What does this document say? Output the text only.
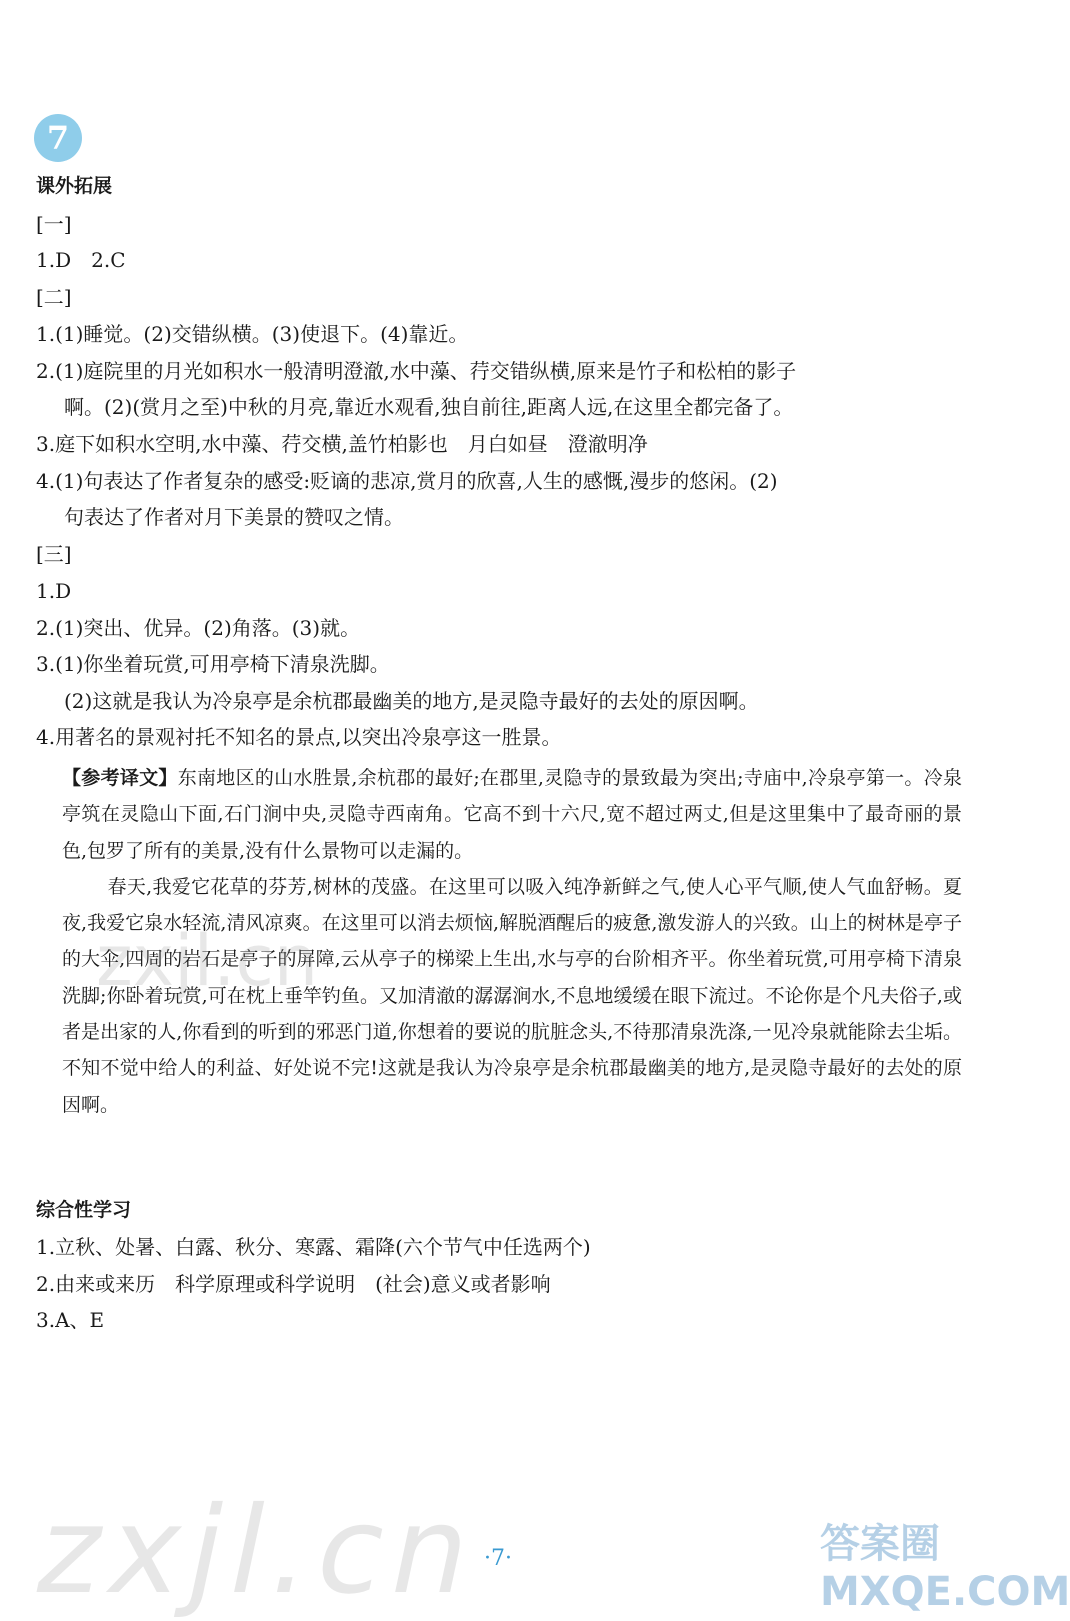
7
课外拓展
[一]
1.D　2.C
[二]
1.(1)睡觉。(2)交错纵横。(3)使退下。(4)靠近。
2.(1)庭院里的月光如积水一般清明澄澈,水中藻、荇交错纵横,原来是竹子和松柏的影子
啊。(2)(赏月之至)中秋的月亮,靠近水观看,独自前往,距离人远,在这里全都完备了。
3.庭下如积水空明,水中藻、荇交横,盖竹柏影也　月白如昼　澄澈明净
4.(1)句表达了作者复杂的感受:贬谪的悲凉,赏月的欣喜,人生的感慨,漫步的悠闲。(2)
句表达了作者对月下美景的赞叹之情。
[三]
1.D
2.(1)突出、优异。(2)角落。(3)就。
3.(1)你坐着玩赏,可用亭椅下清泉洗脚。
(2)这就是我认为冷泉亭是余杭郡最幽美的地方,是灵隐寺最好的去处的原因啊。
4.用著名的景观衬托不知名的景点,以突出冷泉亭这一胜景。

【参考译文】东南地区的山水胜景,余杭郡的最好;在郡里,灵隐寺的景致最为突出;寺庙中,冷泉亭第一。冷泉亭筑在灵隐山下面,石门涧中央,灵隐寺西南角。它高不到十六尺,宽不超过两丈,但是这里集中了最奇丽的景色,包罗了所有的美景,没有什么景物可以走漏的。

春天,我爱它花草的芬芳,树林的茂盛。在这里可以吸入纯净新鲜之气,使人心平气顺,使人气血舒畅。夏夜,我爱它泉水轻流,清风凉爽。在这里可以消去烦恼,解脱酒醒后的疲惫,激发游人的兴致。山上的树林是亭子的大伞,四周的岩石是亭子的屏障,云从亭子的梯梁上生出,水与亭的台阶相齐平。你坐着玩赏,可用亭椅下清泉洗脚;你卧着玩赏,可在枕上垂竿钓鱼。又加清澈的潺潺涧水,不息地缓缓在眼下流过。不论你是个凡夫俗子,或者是出家的人,你看到的听到的邪恶门道,你想着的要说的肮脏念头,不待那清泉洗涤,一见冷泉就能除去尘垢。不知不觉中给人的利益、好处说不完!这就是我认为冷泉亭是余杭郡最幽美的地方,是灵隐寺最好的去处的原因啊。

综合性学习
1.立秋、处暑、白露、秋分、寒露、霜降(六个节气中任选两个)
2.由来或来历　科学原理或科学说明　(社会)意义或者影响
3.A、E
zxjl.cn
zxjl.cn	答案圈 MXQE.COM
·7·
